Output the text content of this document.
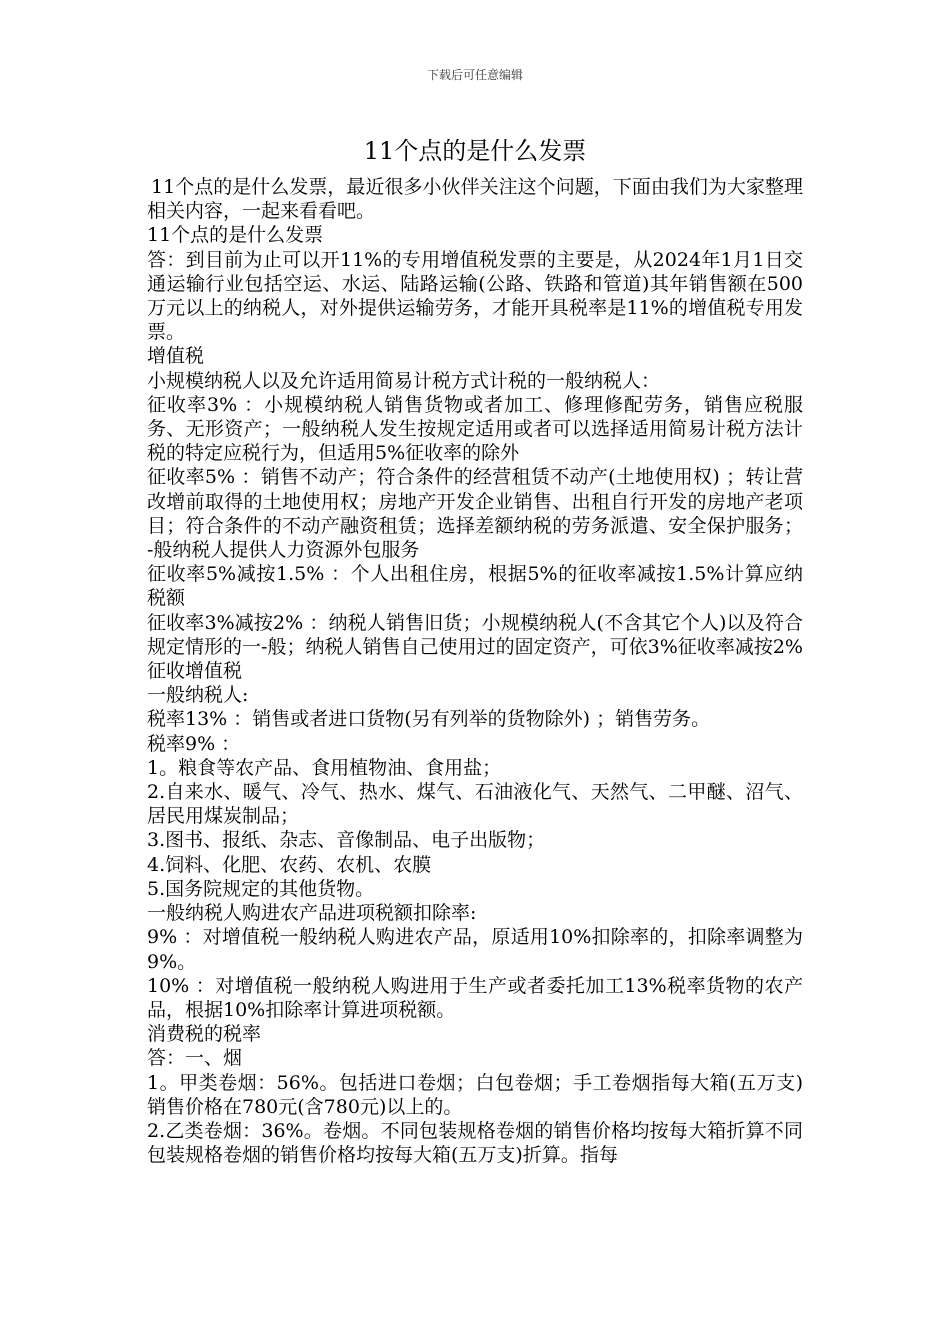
下载后可任意编辑
11个点的是什么发票

11个点的是什么发票，最近很多小伙伴关注这个问题，下面由我们为大家整理相关内容，一起来看看吧。

11个点的是什么发票

答：到目前为止可以开11%的专用增值税发票的主要是，从2024年1月1日交通运输行业包括空运、水运、陆路运输(公路、铁路和管道)其年销售额在500万元以上的纳税人，对外提供运输劳务，才能开具税率是11%的增值税专用发票。

增值税

小规模纳税人以及允许适用简易计税方式计税的一般纳税人：

征收率3% ：小规模纳税人销售货物或者加工、修理修配劳务，销售应税服务、无形资产；一般纳税人发生按规定适用或者可以选择适用简易计税方法计税的特定应税行为，但适用5%征收率的除外

征收率5% ：销售不动产；符合条件的经营租赁不动产(土地使用权) ；转让营改增前取得的土地使用权；房地产开发企业销售、出租自行开发的房地产老项目；符合条件的不动产融资租赁；选择差额纳税的劳务派遣、安全保护服务； -般纳税人提供人力资源外包服务

征收率5%减按1.5% ：个人出租住房，根据5%的征收率减按1.5%计算应纳税额

征收率3%减按2% ：纳税人销售旧货；小规模纳税人(不含其它个人)以及符合规定情形的一-般；纳税人销售自己使用过的固定资产，可依3%征收率减按2%征收增值税

一般纳税人:

税率13% ：销售或者进口货物(另有列举的货物除外) ；销售劳务。

税率9% ：

1。粮食等农产品、食用植物油、食用盐；

2.自来水、暖气、冷气、热水、煤气、石油液化气、天然气、二甲醚、沼气、居民用煤炭制品；

3.图书、报纸、杂志、音像制品、电子出版物；

4.饲料、化肥、农药、农机、农膜

5.国务院规定的其他货物。

一般纳税人购进农产品进项税额扣除率:

9% ：对增值税一般纳税人购进农产品，原适用10%扣除率的，扣除率调整为9%。

10% ：对增值税一般纳税人购进用于生产或者委托加工13%税率货物的农产品，根据10%扣除率计算进项税额。

消费税的税率

答：一、烟

1。甲类卷烟：56%。包括进口卷烟；白包卷烟；手工卷烟指每大箱(五万支)销售价格在780元(含780元)以上的。

2.乙类卷烟：36%。卷烟。不同包装规格卷烟的销售价格均按每大箱折算不同包装规格卷烟的销售价格均按每大箱(五万支)折算。指每
